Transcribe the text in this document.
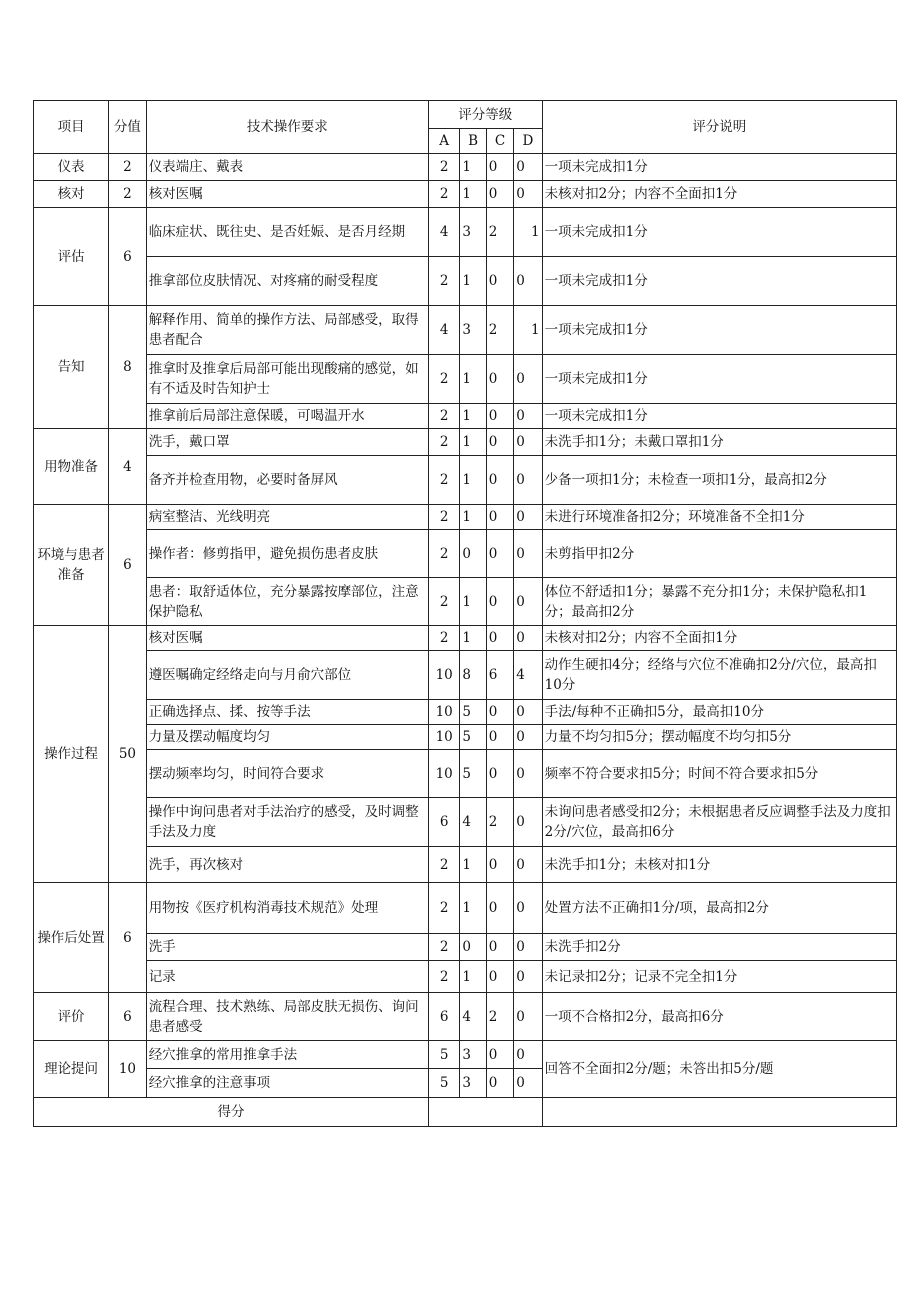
项目	分值	技术操作要求	评分等级				评分说明
			A	B	C	D	
仪表	2	仪表端庄、戴表	2	1	0	0	一项未完成扣1分
核对	2	核对医嘱	2	1	0	0	未核对扣2分；内容不全面扣1分
评估	6	临床症状、既往史、是否妊娠、是否月经期	4	3	2	1	一项未完成扣1分
		推拿部位皮肤情况、对疼痛的耐受程度	2	1	0	0	一项未完成扣1分
告知	8	解释作用、简单的操作方法、局部感受，取得患者配合	4	3	2	1	一项未完成扣1分
		推拿时及推拿后局部可能出现酸痛的感觉，如有不适及时告知护士	2	1	0	0	一项未完成扣1分
		推拿前后局部注意保暖，可喝温开水	2	1	0	0	一项未完成扣1分
用物准备	4	洗手，戴口罩	2	1	0	0	未洗手扣1分；未戴口罩扣1分
		备齐并检查用物，必要时备屏风	2	1	0	0	少备一项扣1分；未检查一项扣1分，最高扣2分
环境与患者准备	6	病室整洁、光线明亮	2	1	0	0	未进行环境准备扣2分；环境准备不全扣1分
		操作者：修剪指甲，避免损伤患者皮肤	2	0	0	0	未剪指甲扣2分
		患者：取舒适体位，充分暴露按摩部位，注意保护隐私	2	1	0	0	体位不舒适扣1分；暴露不充分扣1分；未保护隐私扣1分；最高扣2分
操作过程	50	核对医嘱	2	1	0	0	未核对扣2分；内容不全面扣1分
		遵医嘱确定经络走向与月俞穴部位	10	8	6	4	动作生硬扣4分；经络与穴位不准确扣2分/穴位，最高扣10分
		正确选择点、揉、按等手法	10	5	0	0	手法/每种不正确扣5分，最高扣10分
		力量及摆动幅度均匀	10	5	0	0	力量不均匀扣5分；摆动幅度不均匀扣5分
		摆动频率均匀，时间符合要求	10	5	0	0	频率不符合要求扣5分；时间不符合要求扣5分
		操作中询问患者对手法治疗的感受，及时调整手法及力度	6	4	2	0	未询问患者感受扣2分；未根据患者反应调整手法及力度扣2分/穴位，最高扣6分
		洗手，再次核对	2	1	0	0	未洗手扣1分；未核对扣1分
操作后处置	6	用物按《医疗机构消毒技术规范》处理	2	1	0	0	处置方法不正确扣1分/项，最高扣2分
		洗手	2	0	0	0	未洗手扣2分
		记录	2	1	0	0	未记录扣2分；记录不完全扣1分
评价	6	流程合理、技术熟练、局部皮肤无损伤、询问患者感受	6	4	2	0	一项不合格扣2分，最高扣6分
理论提问	10	经穴推拿的常用推拿手法	5	3	0	0	回答不全面扣2分/题；未答出扣5分/题
		经穴推拿的注意事项	5	3	0	0	
得分							
